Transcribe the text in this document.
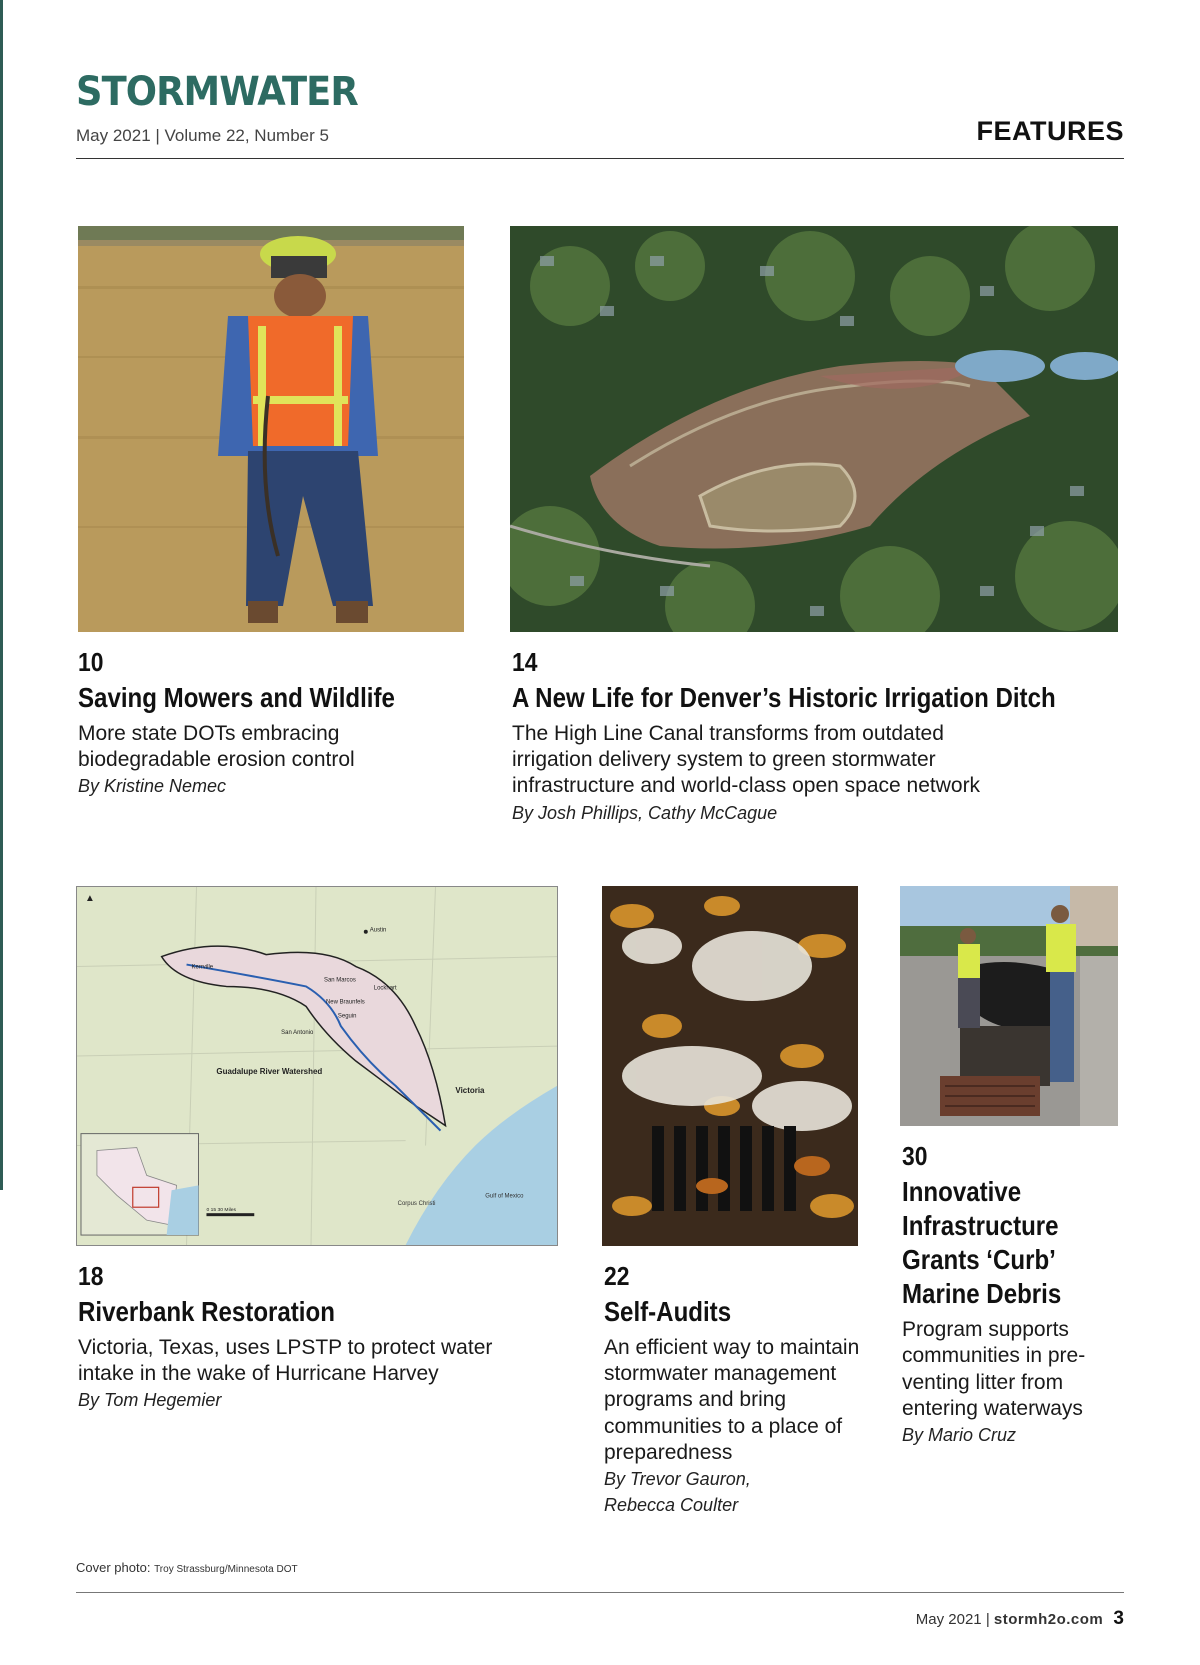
STORMWATER
May 2021 | Volume 22, Number 5	FEATURES
10
Saving Mowers and Wildlife
More state DOTs embracing biodegradable erosion control
By Kristine Nemec
14
A New Life for Denver’s Historic Irrigation Ditch
The High Line Canal transforms from outdated irrigation delivery system to green stormwater infrastructure and world-class open space network
By Josh Phillips, Cathy McCague
Austin
Kerrville
San Marcos
Lockhart
New Braunfels
Seguin
San Antonio
Guadalupe River Watershed
Victoria
Corpus Christi
Gulf of Mexico
0 15 30 Miles
▲
18
Riverbank Restoration
Victoria, Texas, uses LPSTP to protect water intake in the wake of Hurricane Harvey
By Tom Hegemier
22
Self-Audits
An efficient way to maintain stormwater management programs and bring communities to a place of preparedness
By Trevor Gauron, Rebecca Coulter
30
Innovative Infrastructure Grants ‘Curb’ Marine Debris
Program supports communities in pre-venting litter from entering waterways
By Mario Cruz
Cover photo: Troy Strassburg/Minnesota DOT
May 2021 | stormh2o.com 3
